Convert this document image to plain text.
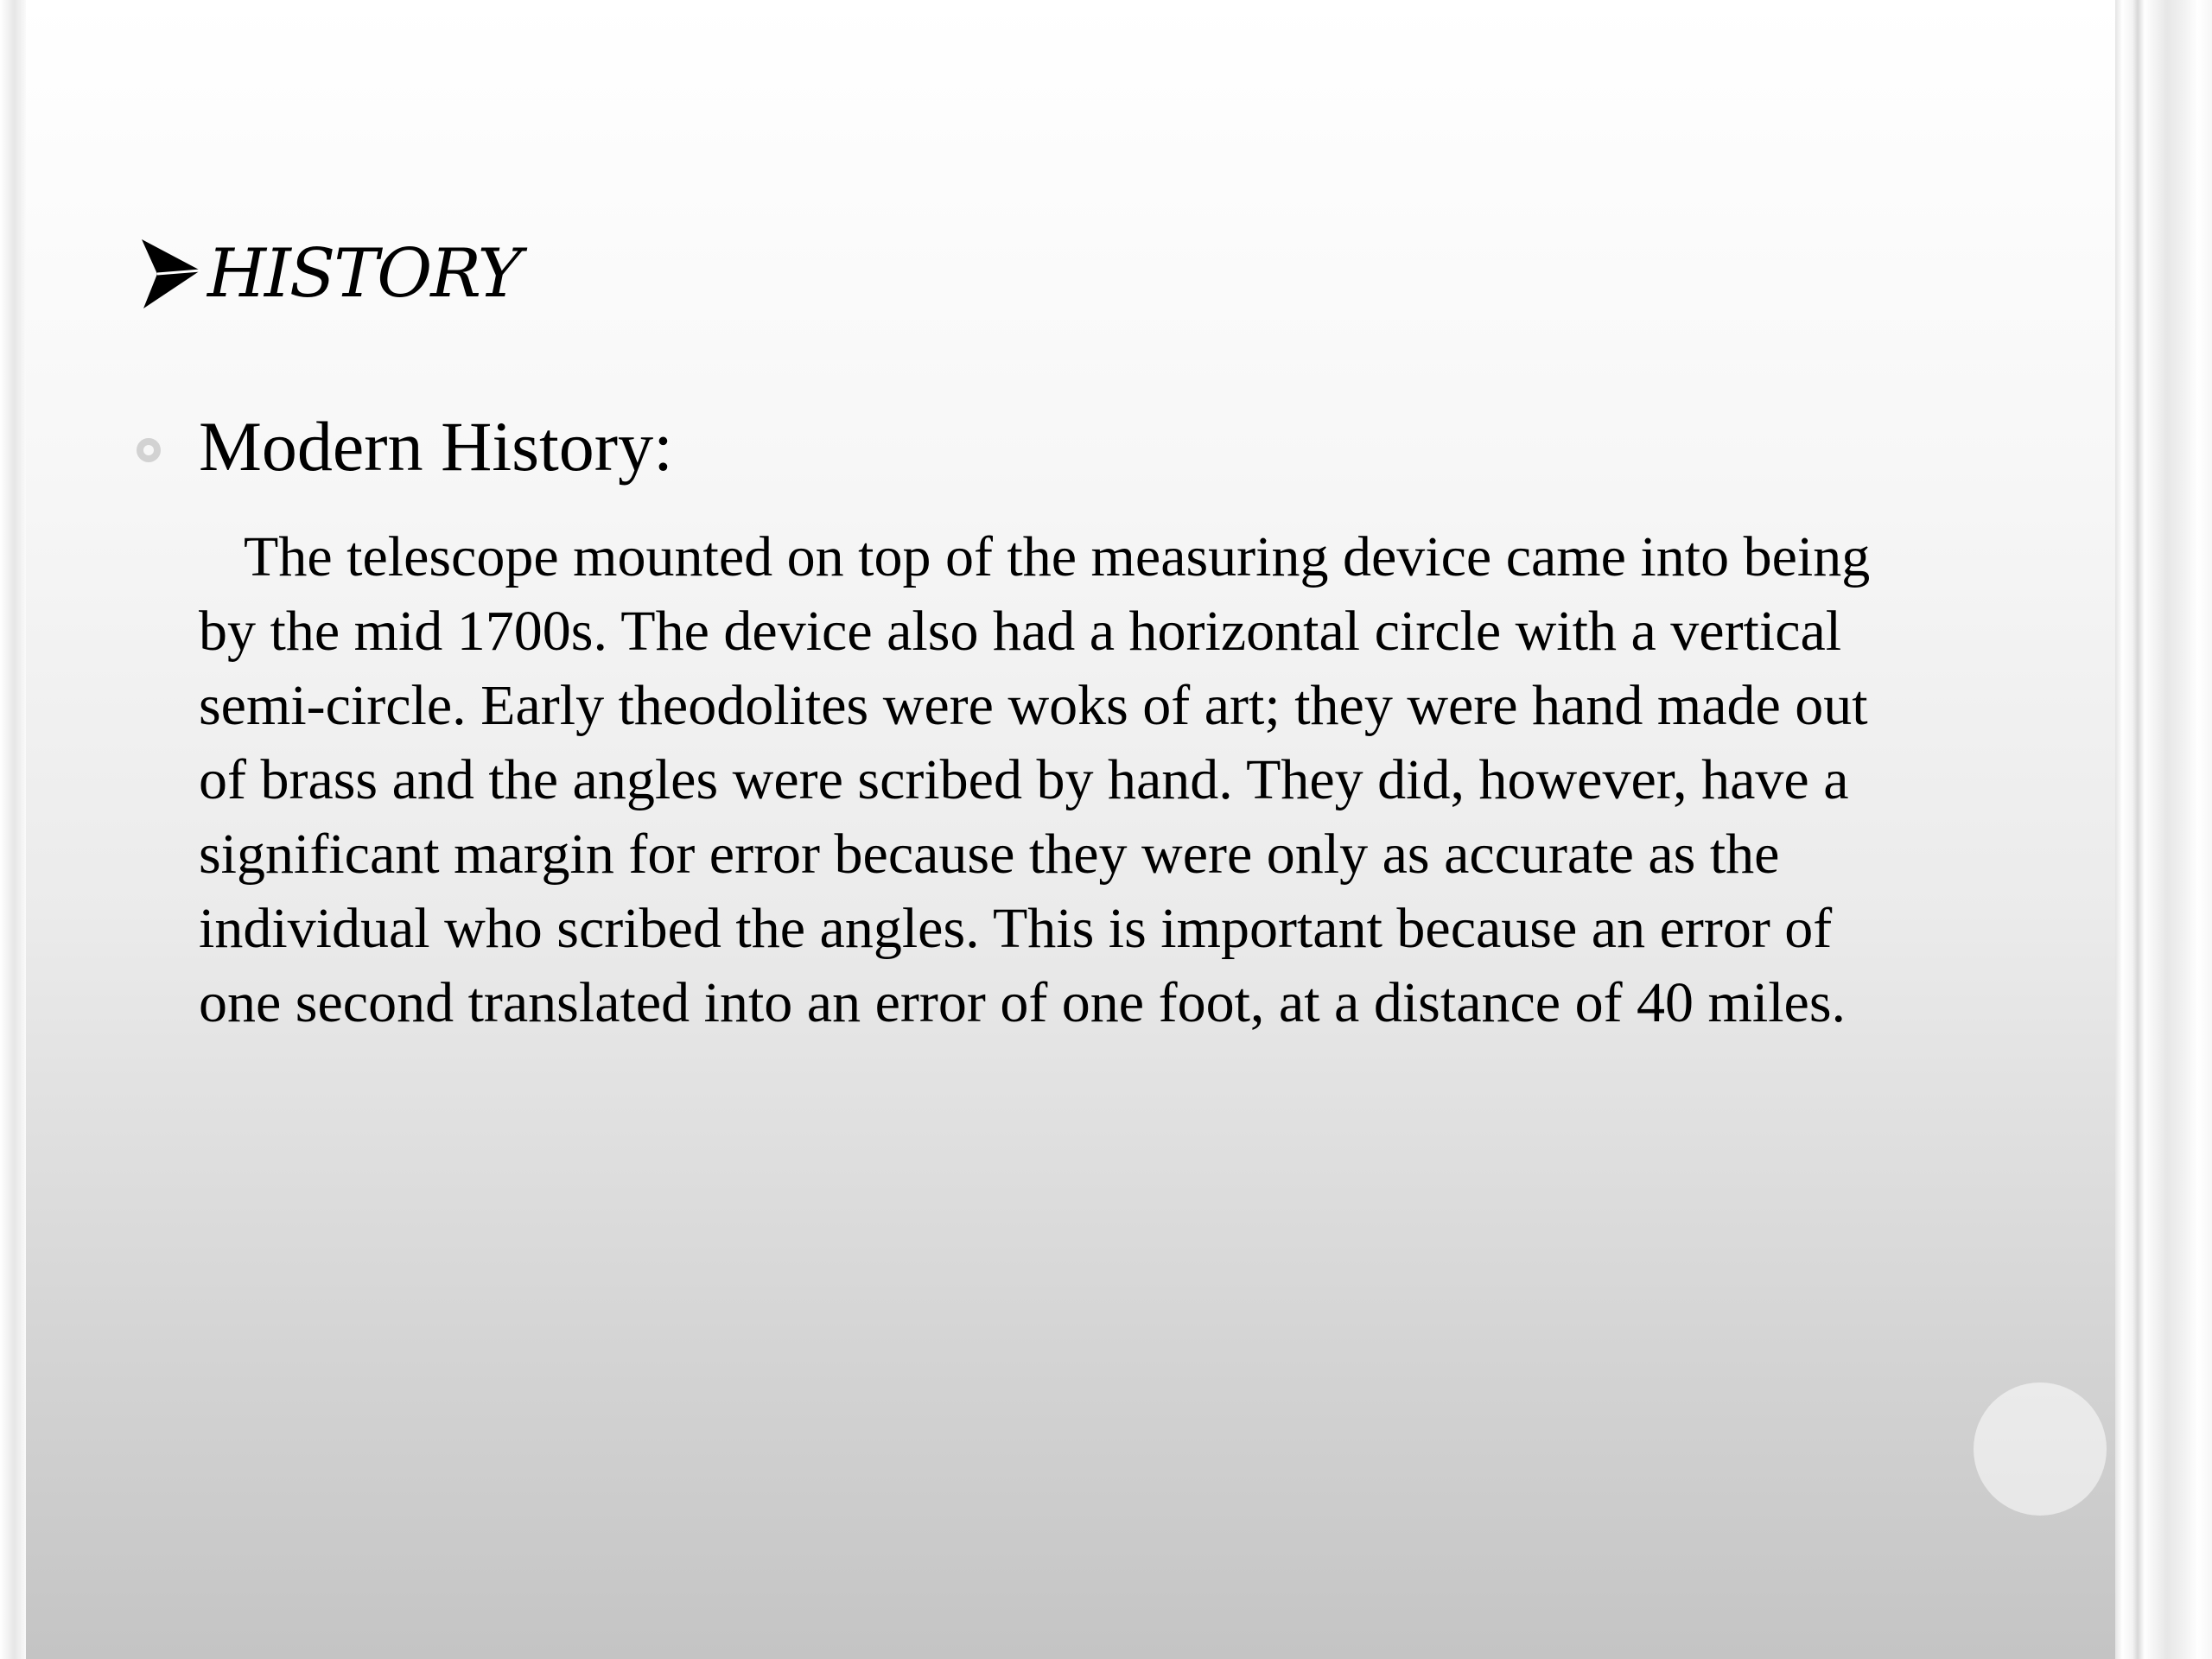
HISTORY
Modern History:

The telescope mounted on top of the measuring device came into being by the mid 1700s. The device also had a horizontal circle with a vertical semi-circle. Early theodolites were woks of art; they were hand made out of brass and the angles were scribed by hand. They did, however, have a significant margin for error because they were only as accurate as the individual who scribed the angles. This is important because an error of one second translated into an error of one foot, at a distance of 40 miles.
